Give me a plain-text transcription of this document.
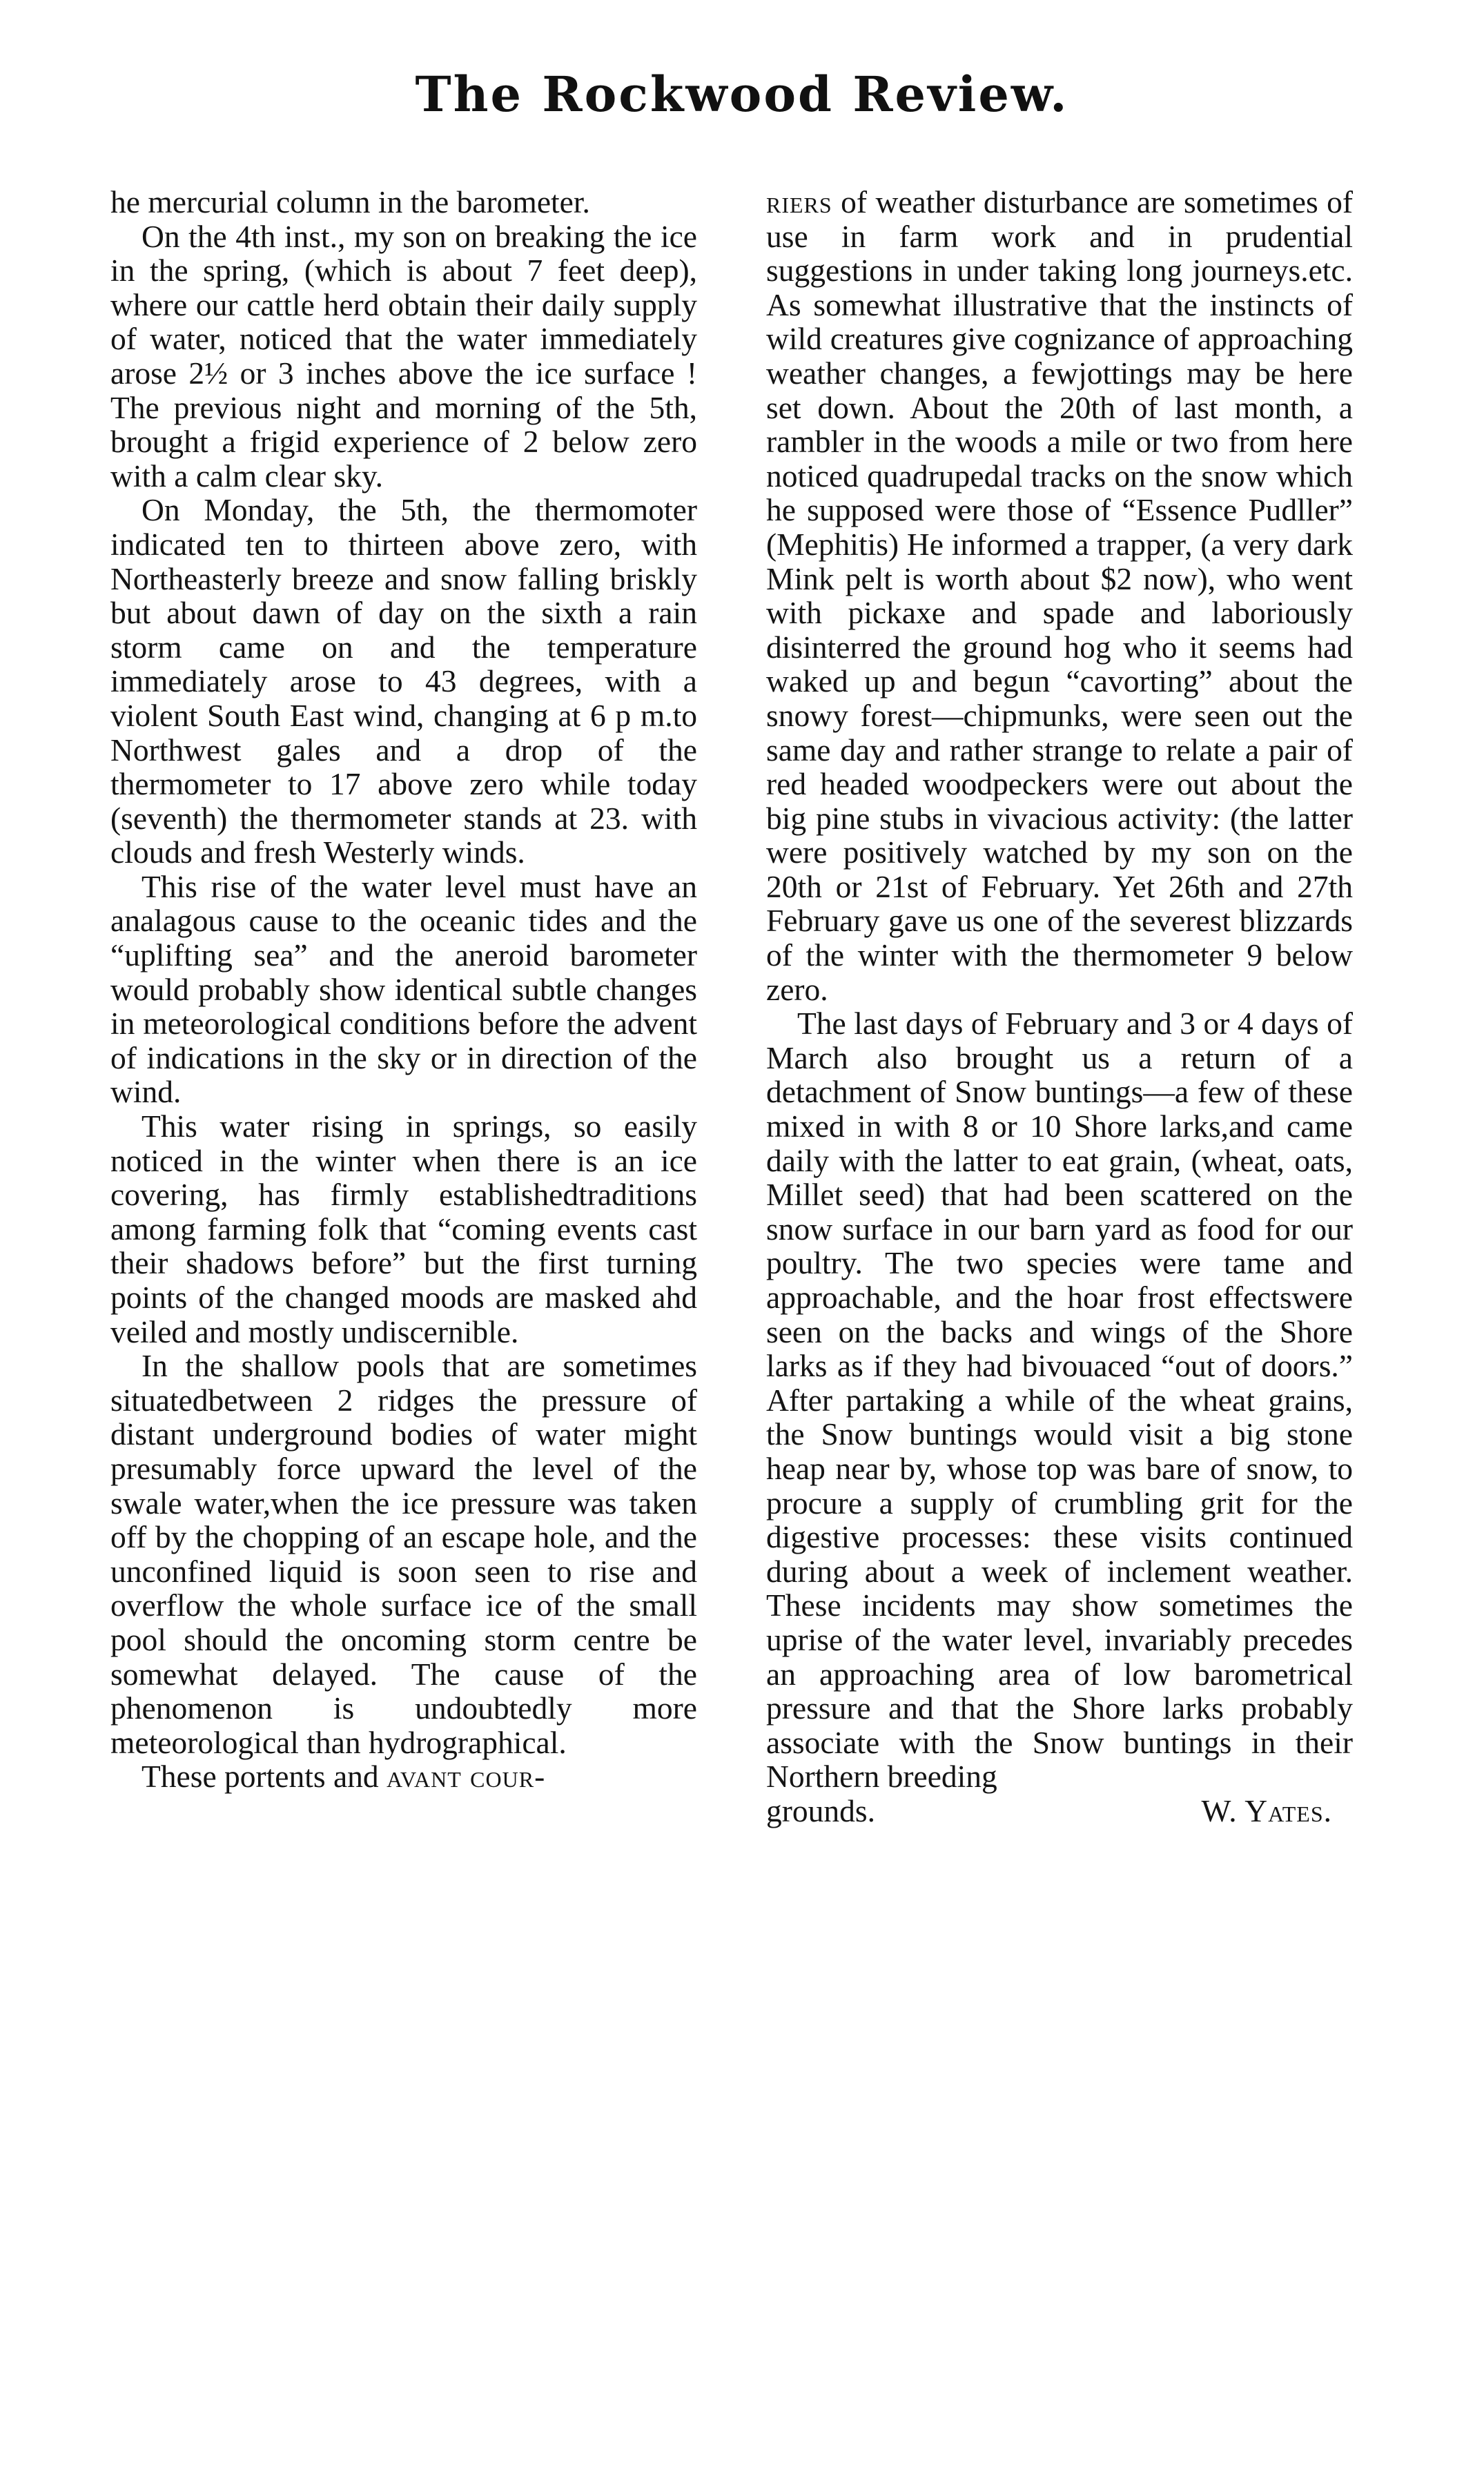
The Rockwood Review.

he mercurial column in the barometer.

On the 4th inst., my son on breaking the ice in the spring, (which is about 7 feet deep), where our cattle herd obtain their daily supply of water, noticed that the water immediately arose 2½ or 3 inches above the ice surface ! The previous night and morning of the 5th, brought a frigid experience of 2 below zero with a calm clear sky.

On Monday, the 5th, the thermomoter indicated ten to thirteen above zero, with Northeasterly breeze and snow falling briskly but about dawn of day on the sixth a rain storm came on and the temperature immediately arose to 43 degrees, with a violent South East wind, changing at 6 p m.to Northwest gales and a drop of the thermometer to 17 above zero while today (seventh) the thermometer stands at 23. with clouds and fresh Westerly winds.

This rise of the water level must have an analagous cause to the oceanic tides and the “uplifting sea” and the aneroid barometer would probably show identical subtle changes in meteorological conditions before the advent of indications in the sky or in direction of the wind.

This water rising in springs, so easily noticed in the winter when there is an ice covering, has firmly establishedtraditions among farming folk that “coming events cast their shadows before” but the first turning points of the changed moods are masked ahd veiled and mostly undiscernible.

In the shallow pools that are sometimes situatedbetween 2 ridges the pressure of distant underground bodies of water might presumably force upward the level of the swale water,when the ice pressure was taken off by the chopping of an escape hole, and the unconfined liquid is soon seen to rise and overflow the whole surface ice of the small pool should the oncoming storm centre be somewhat delayed. The cause of the phenomenon is undoubtedly more meteorological than hydrographical.

These portents and avant cour-

riers of weather disturbance are sometimes of use in farm work and in prudential suggestions in under taking long journeys.etc. As somewhat illustrative that the instincts of wild creatures give cognizance of approaching weather changes, a fewjottings may be here set down. About the 20th of last month, a rambler in the woods a mile or two from here noticed quadrupedal tracks on the snow which he supposed were those of “Essence Pudller” (Mephitis) He informed a trapper, (a very dark Mink pelt is worth about $2 now), who went with pickaxe and spade and laboriously disinterred the ground hog who it seems had waked up and begun “cavorting” about the snowy forest—chipmunks, were seen out the same day and rather strange to relate a pair of red headed woodpeckers were out about the big pine stubs in vivacious activity: (the latter were positively watched by my son on the 20th or 21st of February. Yet 26th and 27th February gave us one of the severest blizzards of the winter with the thermometer 9 below zero.

The last days of February and 3 or 4 days of March also brought us a return of a detachment of Snow buntings—a few of these mixed in with 8 or 10 Shore larks,and came daily with the latter to eat grain, (wheat, oats, Millet seed) that had been scattered on the snow surface in our barn yard as food for our poultry. The two species were tame and approachable, and the hoar frost effectswere seen on the backs and wings of the Shore larks as if they had bivouaced “out of doors.” After partaking a while of the wheat grains, the Snow buntings would visit a big stone heap near by, whose top was bare of snow, to procure a supply of crumbling grit for the digestive processes: these visits continued during about a week of inclement weather. These incidents may show sometimes the uprise of the water level, invariably precedes an approaching area of low barometrical pressure and that the Shore larks probably associate with the Snow buntings in their Northern breeding

grounds.	W. Yates.
